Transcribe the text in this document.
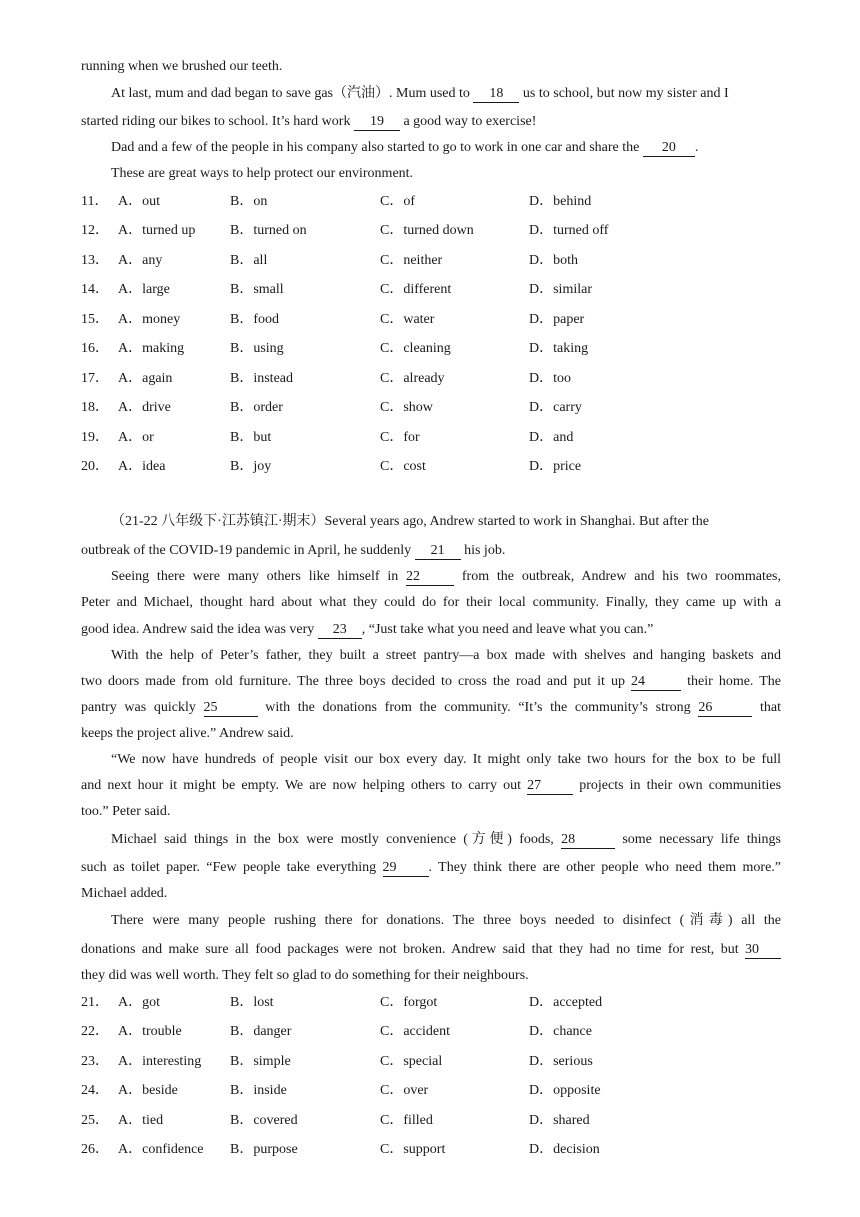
running when we brushed our teeth.
At last, mum and dad began to save gas（汽油）. Mum used to 18 us to school, but now my sister and I
started riding our bikes to school. It’s hard work 19 a good way to exercise!
Dad and a few of the people in his company also started to go to work in one car and share the 20 .
These are great ways to help protect our environment.
11． A．out	B．on	C．of	D．behind
12． A．turned up B．turned on	C．turned down	D．turned off
13． A．any	B．all	C．neither	D．both
14． A．large	B．small	C．different	D．similar
15． A．money	B．food	C．water	D．paper
16． A．making	B．using	C．cleaning	D．taking
17． A．again	B．instead	C．already	D．too
18． A．drive	B．order	C．show	D．carry
19． A．or	B．but	C．for	D．and
20． A．idea	B．joy	C．cost	D．price
（21-22 八年级下·江苏镇江·期末）Several years ago, Andrew started to work in Shanghai. But after the
outbreak of the COVID-19 pandemic in April, he suddenly 21 his job.
Seeing there were many others like himself in 22 from the outbreak, Andrew and his two roommates,
Peter and Michael, thought hard about what they could do for their local community. Finally, they came up with a
good idea. Andrew said the idea was very 23 , “Just take what you need and leave what you can.”
With the help of Peter’s father, they built a street pantry—a box made with shelves and hanging baskets and
two doors made from old furniture. The three boys decided to cross the road and put it up 24	their home. The
pantry was quickly 25	with the donations from the community. “It’s the community’s strong 26	that
keeps the project alive.” Andrew said.
“We now have hundreds of people visit our box every day. It might only take two hours for the box to be full
and next hour it might be empty. We are now helping others to carry out 27 projects in their own communities
too.” Peter said.
Michael said things in the box were mostly convenience (方便) foods, 28	some necessary life things
such as toilet paper. “Few people take everything 29 . They think there are other people who need them more.”
Michael added.
There were many people rushing there for donations. The three boys needed to disinfect (消毒) all the
donations and make sure all food packages were not broken. Andrew said that they had no time for rest, but 30
they did was well worth. They felt so glad to do something for their neighbours.
21． A．got	B．lost	C．forgot	D．accepted
22． A．trouble	B．danger	C．accident	D．chance
23． A．interesting B．simple	C．special	D．serious
24． A．beside	B．inside	C．over	D．opposite
25． A．tied	B．covered	C．filled	D．shared
26． A．confidence B．purpose	C．support	D．decision
